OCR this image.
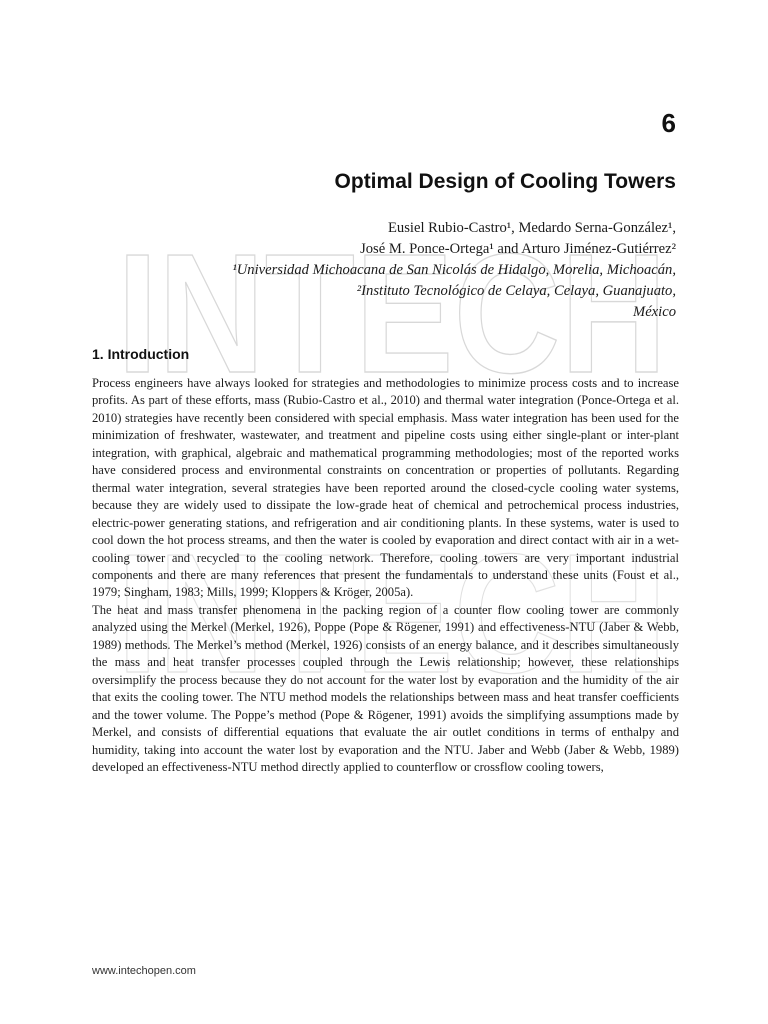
INTECH
INTECH
6
Optimal Design of Cooling Towers
Eusiel Rubio-Castro¹, Medardo Serna-González¹,
José M. Ponce-Ortega¹ and Arturo Jiménez-Gutiérrez²
¹Universidad Michoacana de San Nicolás de Hidalgo, Morelia, Michoacán,
²Instituto Tecnológico de Celaya, Celaya, Guanajuato,
México
1. Introduction

Process engineers have always looked for strategies and methodologies to minimize process costs and to increase profits. As part of these efforts, mass (Rubio-Castro et al., 2010) and thermal water integration (Ponce-Ortega et al. 2010) strategies have recently been considered with special emphasis. Mass water integration has been used for the minimization of freshwater, wastewater, and treatment and pipeline costs using either single-plant or inter-plant integration, with graphical, algebraic and mathematical programming methodologies; most of the reported works have considered process and environmental constraints on concentration or properties of pollutants. Regarding thermal water integration, several strategies have been reported around the closed-cycle cooling water systems, because they are widely used to dissipate the low-grade heat of chemical and petrochemical process industries, electric-power generating stations, and refrigeration and air conditioning plants. In these systems, water is used to cool down the hot process streams, and then the water is cooled by evaporation and direct contact with air in a wet-cooling tower and recycled to the cooling network. Therefore, cooling towers are very important industrial components and there are many references that present the fundamentals to understand these units (Foust et al., 1979; Singham, 1983; Mills, 1999; Kloppers & Kröger, 2005a).

The heat and mass transfer phenomena in the packing region of a counter flow cooling tower are commonly analyzed using the Merkel (Merkel, 1926), Poppe (Pope & Rögener, 1991) and effectiveness-NTU (Jaber & Webb, 1989) methods. The Merkel’s method (Merkel, 1926) consists of an energy balance, and it describes simultaneously the mass and heat transfer processes coupled through the Lewis relationship; however, these relationships oversimplify the process because they do not account for the water lost by evaporation and the humidity of the air that exits the cooling tower. The NTU method models the relationships between mass and heat transfer coefficients and the tower volume. The Poppe’s method (Pope & Rögener, 1991) avoids the simplifying assumptions made by Merkel, and consists of differential equations that evaluate the air outlet conditions in terms of enthalpy and humidity, taking into account the water lost by evaporation and the NTU. Jaber and Webb (Jaber & Webb, 1989) developed an effectiveness-NTU method directly applied to counterflow or crossflow cooling towers,

www.intechopen.com
